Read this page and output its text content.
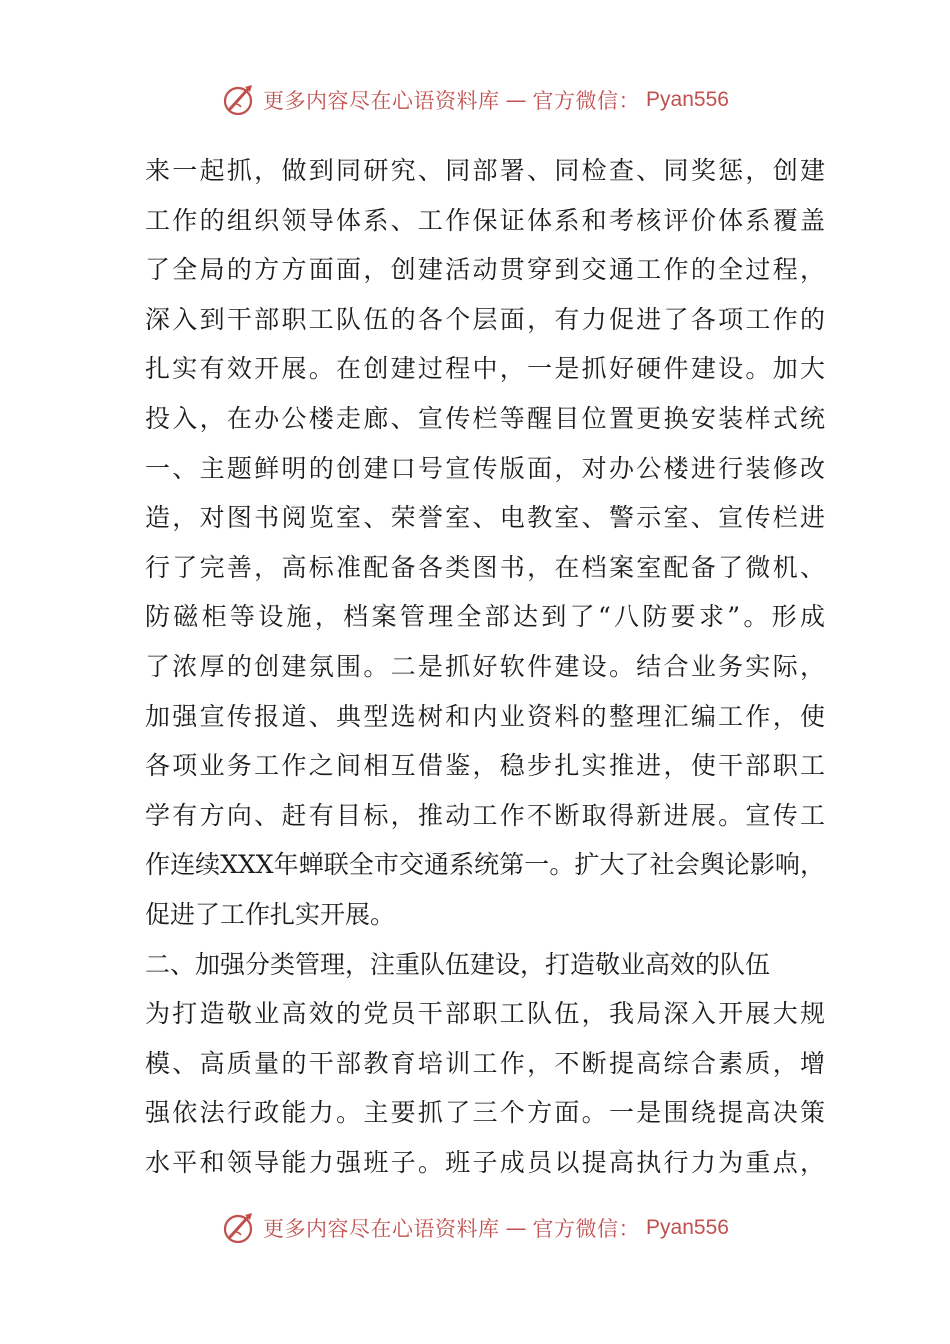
更多内容尽在心语资料库 — 官方微信： Pyan556
来一起抓，做到同研究、同部署、同检查、同奖惩，创建
工作的组织领导体系、工作保证体系和考核评价体系覆盖
了全局的方方面面，创建活动贯穿到交通工作的全过程，
深入到干部职工队伍的各个层面，有力促进了各项工作的
扎实有效开展。在创建过程中，一是抓好硬件建设。加大
投入，在办公楼走廊、宣传栏等醒目位置更换安装样式统
一、主题鲜明的创建口号宣传版面，对办公楼进行装修改
造，对图书阅览室、荣誉室、电教室、警示室、宣传栏进
行了完善，高标准配备各类图书，在档案室配备了微机、
防磁柜等设施，档案管理全部达到了“八防要求”。形成
了浓厚的创建氛围。二是抓好软件建设。结合业务实际，
加强宣传报道、典型选树和内业资料的整理汇编工作，使
各项业务工作之间相互借鉴，稳步扎实推进，使干部职工
学有方向、赶有目标，推动工作不断取得新进展。宣传工
作连续XXX年蝉联全市交通系统第一。扩大了社会舆论影响，
促进了工作扎实开展。
二、加强分类管理，注重队伍建设，打造敬业高效的队伍
为打造敬业高效的党员干部职工队伍，我局深入开展大规
模、高质量的干部教育培训工作，不断提高综合素质，增
强依法行政能力。主要抓了三个方面。一是围绕提高决策
水平和领导能力强班子。班子成员以提高执行力为重点，
更多内容尽在心语资料库 — 官方微信： Pyan556
